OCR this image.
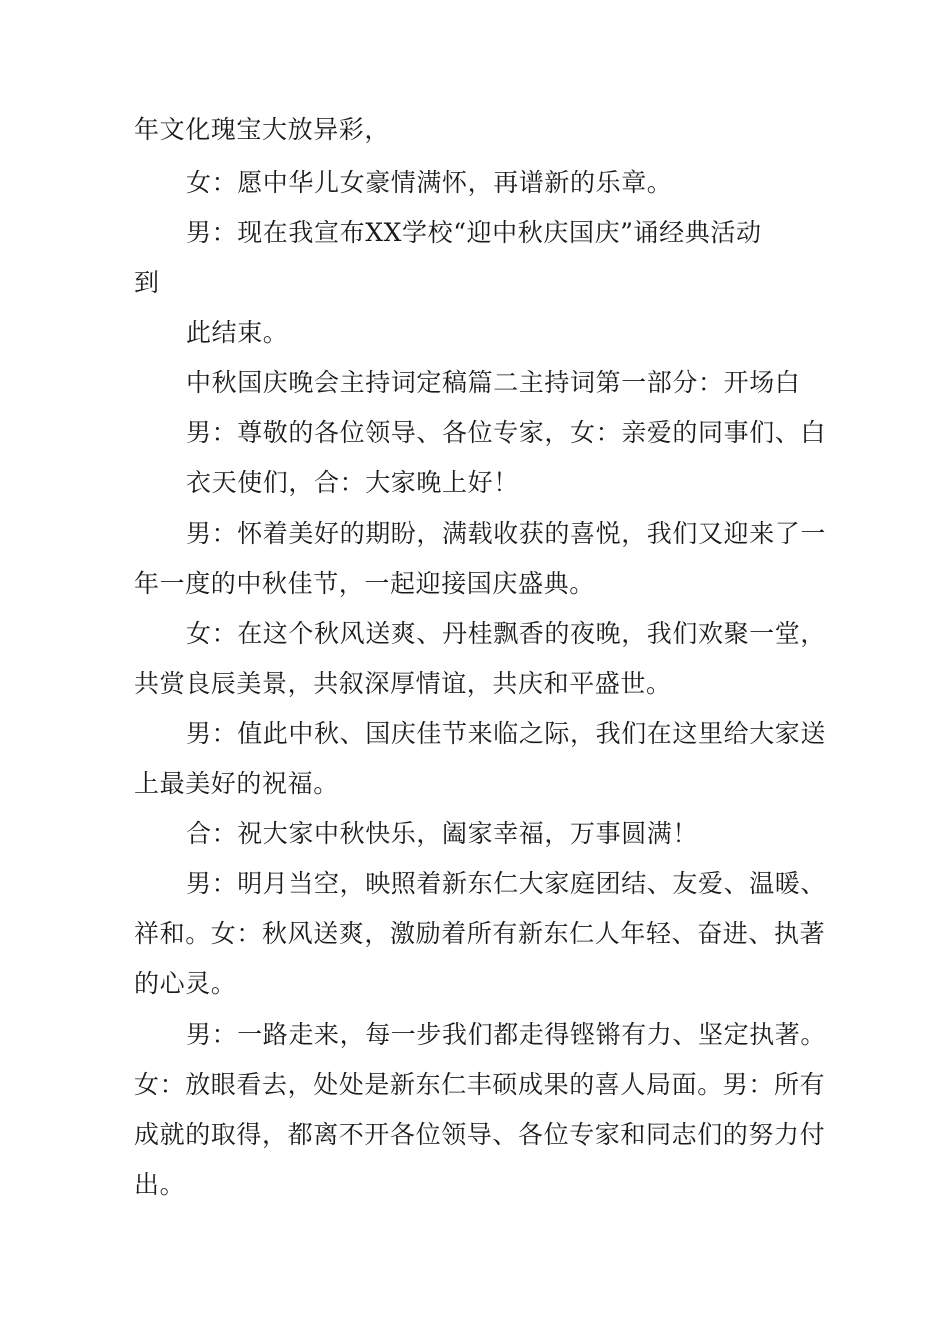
年文化瑰宝大放异彩，
女：愿中华儿女豪情满怀，再谱新的乐章。
男：现在我宣布XX学校“迎中秋庆国庆”诵经典活动
到
此结束。
中秋国庆晚会主持词定稿篇二主持词第一部分：开场白
男：尊敬的各位领导、各位专家，女：亲爱的同事们、白
衣天使们，合：大家晚上好！
男：怀着美好的期盼，满载收获的喜悦，我们又迎来了一
年一度的中秋佳节，一起迎接国庆盛典。
女：在这个秋风送爽、丹桂飘香的夜晚，我们欢聚一堂，
共赏良辰美景，共叙深厚情谊，共庆和平盛世。
男：值此中秋、国庆佳节来临之际，我们在这里给大家送
上最美好的祝福。
合：祝大家中秋快乐，阖家幸福，万事圆满！
男：明月当空，映照着新东仁大家庭团结、友爱、温暖、
祥和。女：秋风送爽，激励着所有新东仁人年轻、奋进、执著
的心灵。
男：一路走来，每一步我们都走得铿锵有力、坚定执著。
女：放眼看去，处处是新东仁丰硕成果的喜人局面。男：所有
成就的取得，都离不开各位领导、各位专家和同志们的努力付
出。
